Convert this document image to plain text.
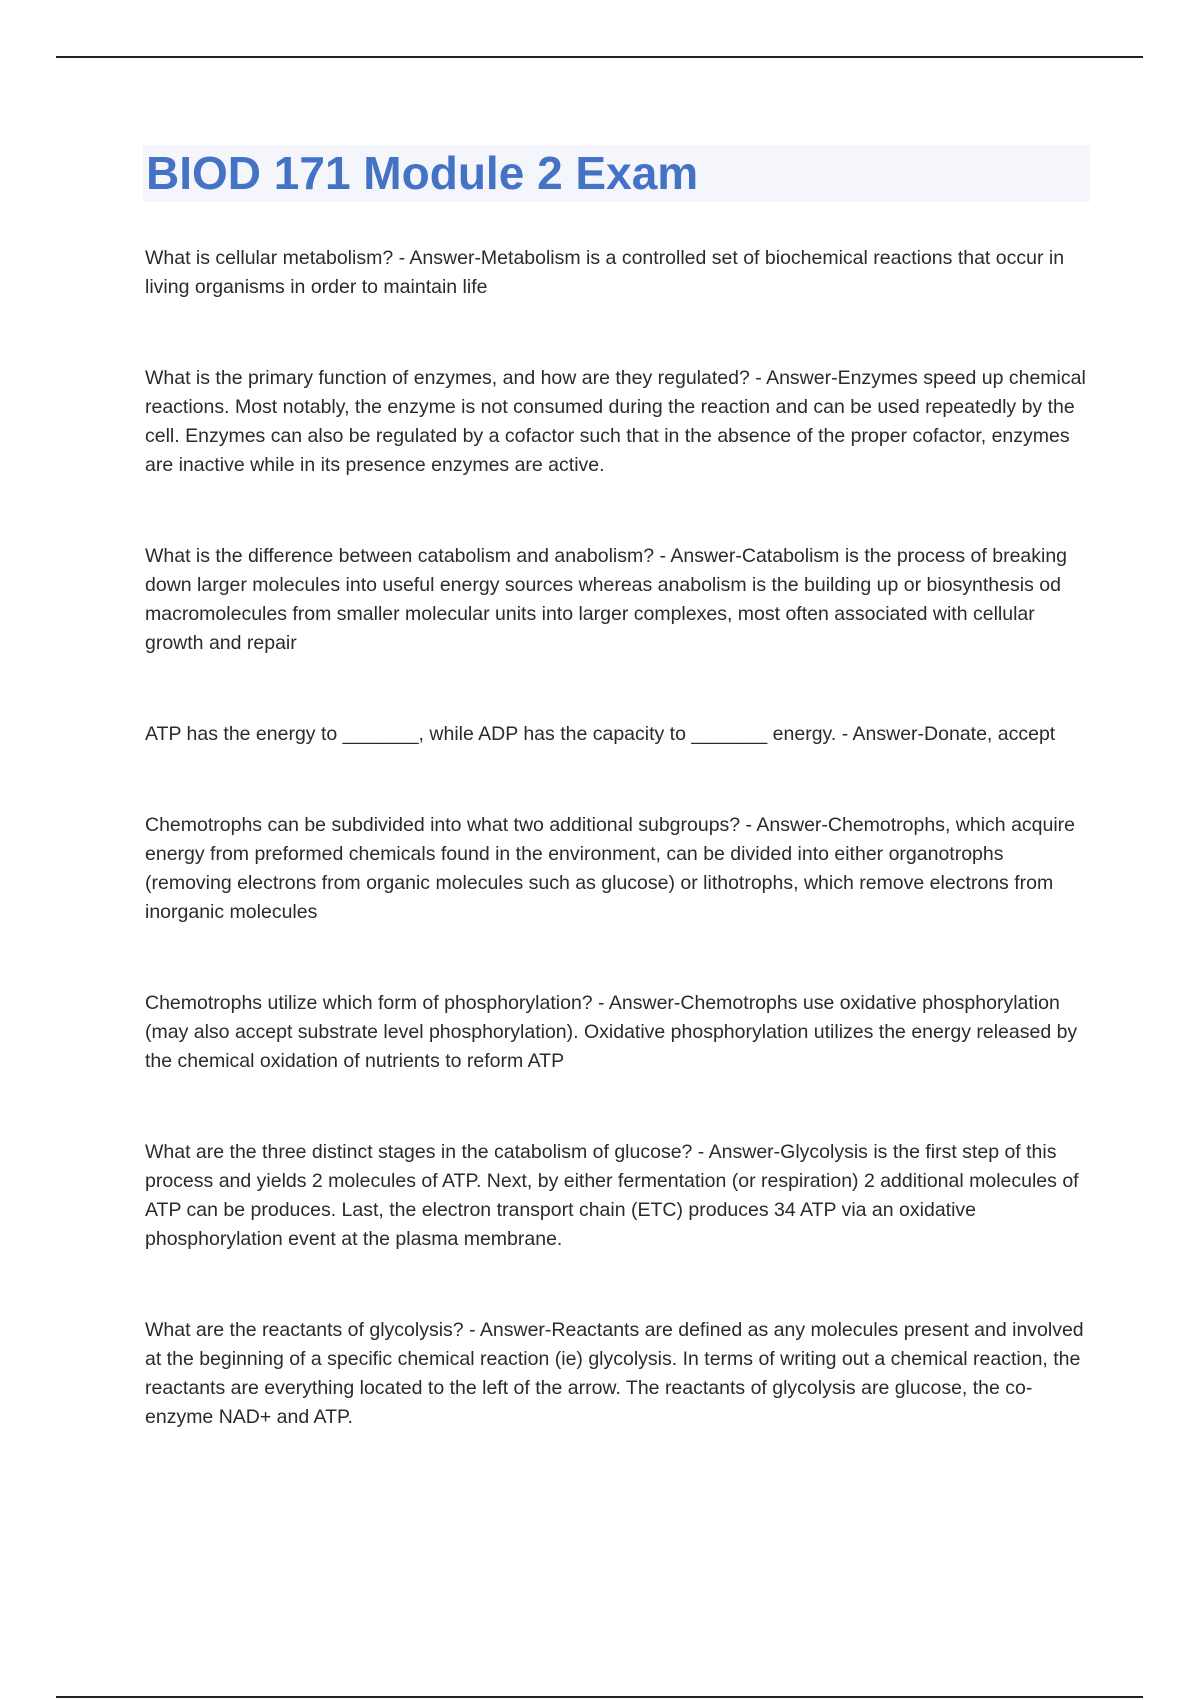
BIOD 171 Module 2 Exam

What is cellular metabolism? - Answer-Metabolism is a controlled set of biochemical reactions that occur in living organisms in order to maintain life

What is the primary function of enzymes, and how are they regulated? - Answer-Enzymes speed up chemical reactions. Most notably, the enzyme is not consumed during the reaction and can be used repeatedly by the cell. Enzymes can also be regulated by a cofactor such that in the absence of the proper cofactor, enzymes are inactive while in its presence enzymes are active.

What is the difference between catabolism and anabolism? - Answer-Catabolism is the process of breaking down larger molecules into useful energy sources whereas anabolism is the building up or biosynthesis od macromolecules from smaller molecular units into larger complexes, most often associated with cellular growth and repair

ATP has the energy to _______, while ADP has the capacity to _______ energy. - Answer-Donate, accept

Chemotrophs can be subdivided into what two additional subgroups? - Answer-Chemotrophs, which acquire energy from preformed chemicals found in the environment, can be divided into either organotrophs (removing electrons from organic molecules such as glucose) or lithotrophs, which remove electrons from inorganic molecules

Chemotrophs utilize which form of phosphorylation? - Answer-Chemotrophs use oxidative phosphorylation (may also accept substrate level phosphorylation). Oxidative phosphorylation utilizes the energy released by the chemical oxidation of nutrients to reform ATP

What are the three distinct stages in the catabolism of glucose? - Answer-Glycolysis is the first step of this process and yields 2 molecules of ATP. Next, by either fermentation (or respiration) 2 additional molecules of ATP can be produces. Last, the electron transport chain (ETC) produces 34 ATP via an oxidative phosphorylation event at the plasma membrane.

What are the reactants of glycolysis? - Answer-Reactants are defined as any molecules present and involved at the beginning of a specific chemical reaction (ie) glycolysis. In terms of writing out a chemical reaction, the reactants are everything located to the left of the arrow. The reactants of glycolysis are glucose, the co-enzyme NAD+ and ATP.
